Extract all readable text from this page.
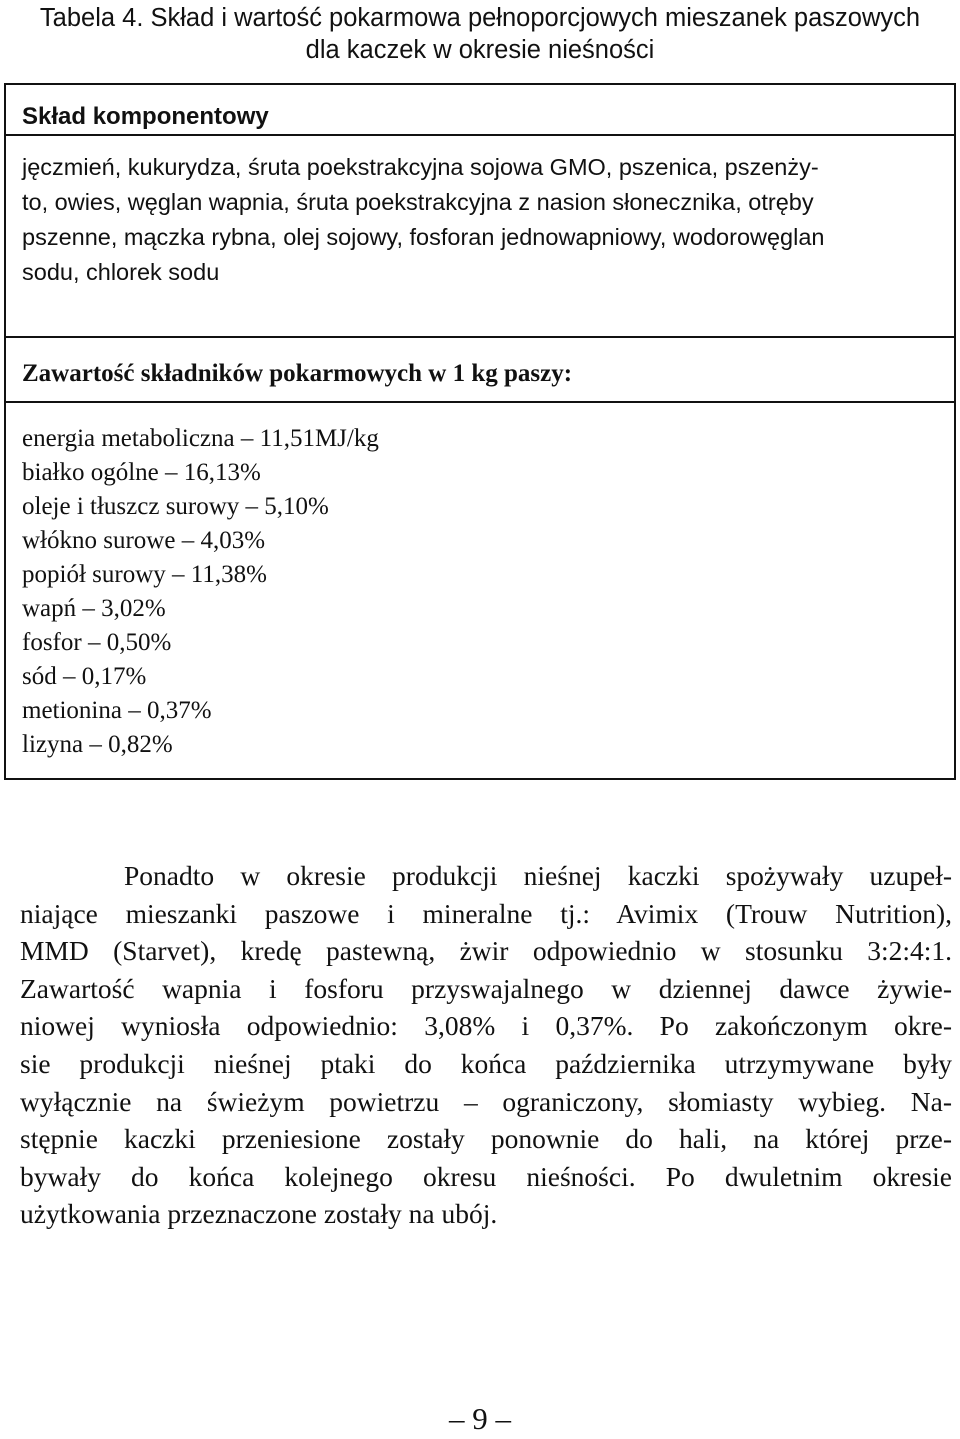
Tabela 4. Skład i wartość pokarmowa pełnoporcjowych mieszanek paszowych
dla kaczek w okresie nieśności
Skład komponentowy
jęczmień, kukurydza, śruta poekstrakcyjna sojowa GMO, pszenica, pszenży-
to, owies, węglan wapnia, śruta poekstrakcyjna z nasion słonecznika, otręby
pszenne, mączka rybna, olej sojowy, fosforan jednowapniowy, wodorowęglan
sodu, chlorek sodu
Zawartość składników pokarmowych w 1 kg paszy:
energia metaboliczna – 11,51MJ/kg
białko ogólne – 16,13%
oleje i tłuszcz surowy – 5,10%
włókno surowe – 4,03%
popiół surowy – 11,38%
wapń – 3,02%
fosfor – 0,50%
sód – 0,17%
metionina – 0,37%
lizyna – 0,82%
Ponadto w okresie produkcji nieśnej kaczki spożywały uzupeł-
niające mieszanki paszowe i mineralne tj.: Avimix (Trouw Nutrition),
MMD (Starvet), kredę pastewną, żwir odpowiednio w stosunku 3:2:4:1.
Zawartość wapnia i fosforu przyswajalnego w dziennej dawce żywie-
niowej wyniosła odpowiednio: 3,08% i 0,37%. Po zakończonym okre-
sie produkcji nieśnej ptaki do końca października utrzymywane były
wyłącznie na świeżym powietrzu – ograniczony, słomiasty wybieg. Na-
stępnie kaczki przeniesione zostały ponownie do hali, na której prze-
bywały do końca kolejnego okresu nieśności. Po dwuletnim okresie
użytkowania przeznaczone zostały na ubój.
– 9 –
